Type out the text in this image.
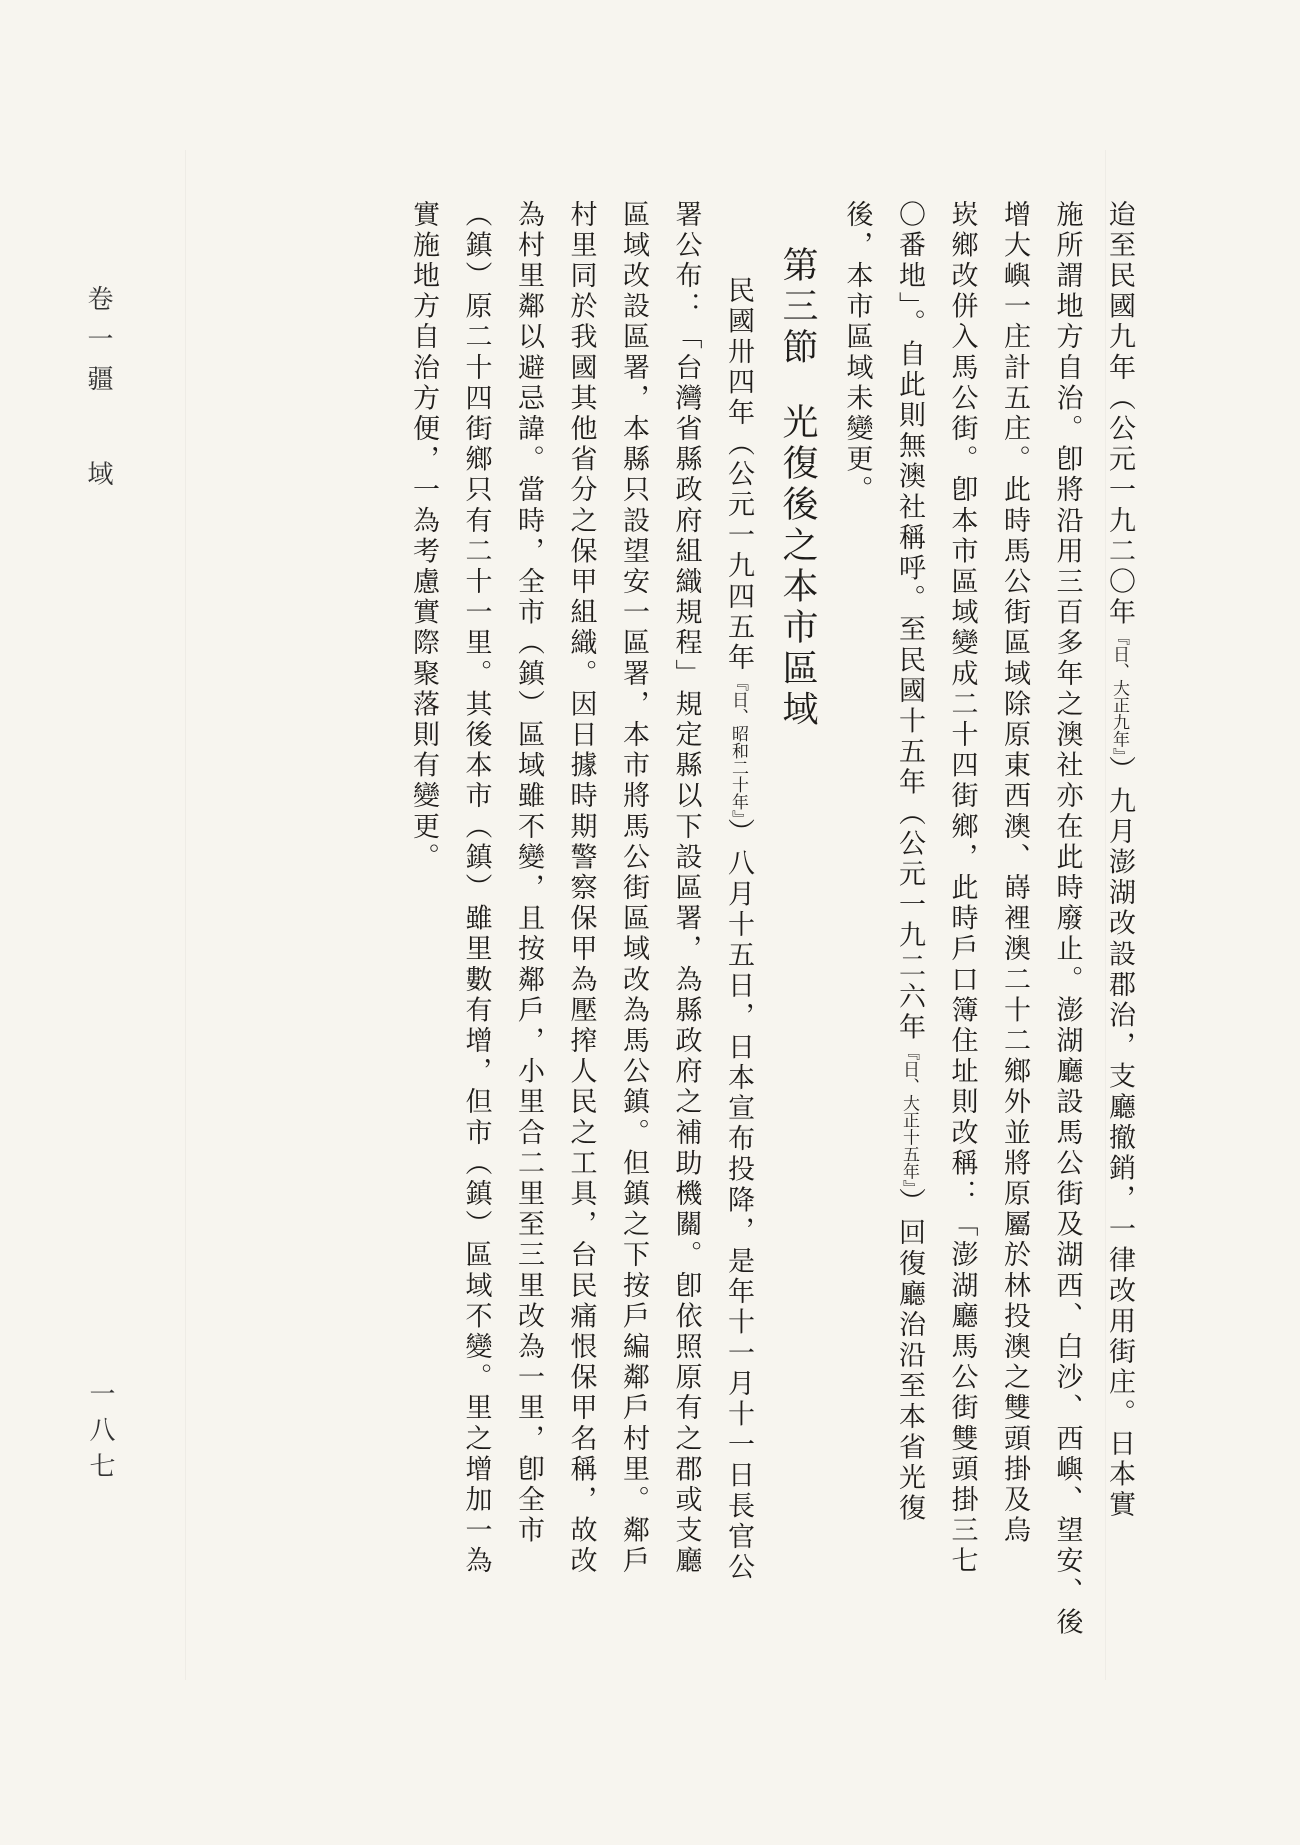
卷一疆域
一八七
迨至民國九年（公元一九二〇年『日、大正九年』）九月澎湖改設郡治，支廳撤銷，一律改用街庄。日本實
施所謂地方自治。卽將沿用三百多年之澳社亦在此時廢止。澎湖廳設馬公街及湖西、白沙、西嶼、望安、後
增大嶼一庄計五庄。此時馬公街區域除原東西澳、嵵裡澳二十二鄉外並將原屬於林投澳之雙頭掛及烏
崁鄉改併入馬公街。卽本市區域變成二十四街鄉，此時戶口簿住址則改稱：「澎湖廳馬公街雙頭掛三七
〇番地」。自此則無澳社稱呼。至民國十五年（公元一九二六年『日、大正十五年』）回復廳治沿至本省光復
後，本市區域未變更。
第三節光復後之本市區域
民國卅四年（公元一九四五年『日、昭和二十年』）八月十五日，日本宣布投降，是年十一月十一日長官公
署公布：「台灣省縣政府組織規程」規定縣以下設區署，為縣政府之補助機關。卽依照原有之郡或支廳
區域改設區署，本縣只設望安一區署，本市將馬公街區域改為馬公鎮。但鎮之下按戶編鄰戶村里。鄰戶
村里同於我國其他省分之保甲組織。因日據時期警察保甲為壓搾人民之工具，台民痛恨保甲名稱，故改
為村里鄰以避忌諱。當時，全市（鎮）區域雖不變，且按鄰戶，小里合二里至三里改為一里，卽全市
（鎮）原二十四街鄉只有二十一里。其後本市（鎮）雖里數有增，但市（鎮）區域不變。里之增加一為
實施地方自治方便，一為考慮實際聚落則有變更。
